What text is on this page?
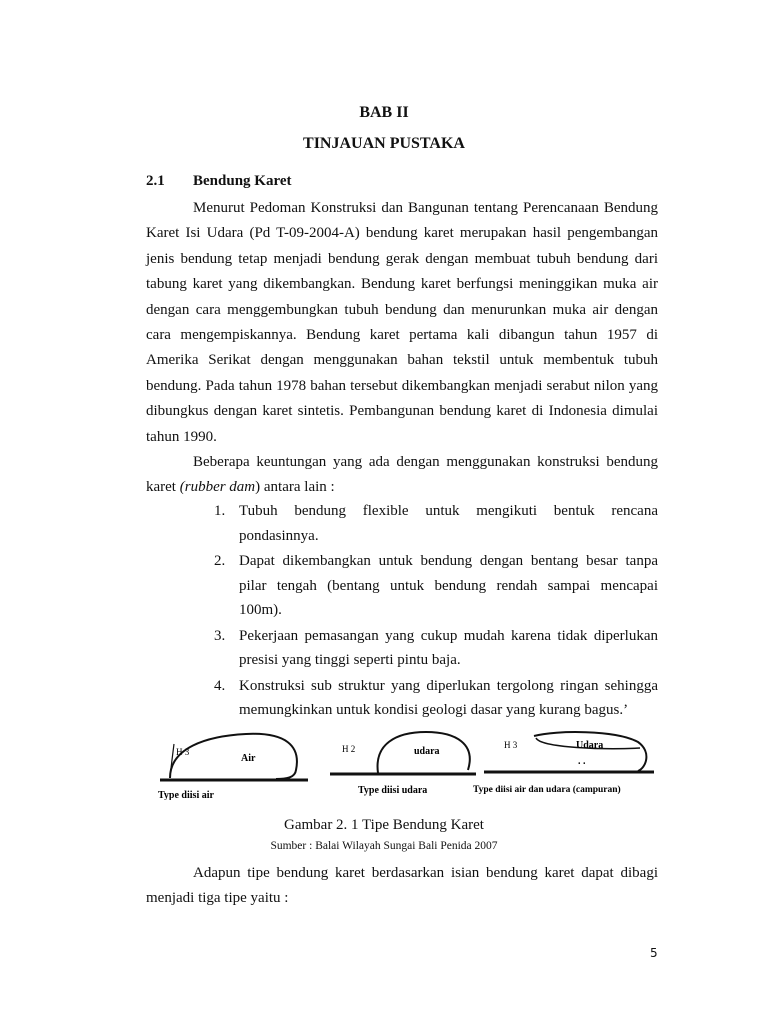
BAB II
TINJAUAN PUSTAKA
2.1 Bendung Karet

Menurut Pedoman Konstruksi dan Bangunan tentang Perencanaan Bendung Karet Isi Udara (Pd T-09-2004-A) bendung karet merupakan hasil pengembangan jenis bendung tetap menjadi bendung gerak dengan membuat tubuh bendung dari tabung karet yang dikembangkan. Bendung karet berfungsi meninggikan muka air dengan cara menggembungkan tubuh bendung dan menurunkan muka air dengan cara mengempiskannya. Bendung karet pertama kali dibangun tahun 1957 di Amerika Serikat dengan menggunakan bahan tekstil untuk membentuk tubuh bendung. Pada tahun 1978 bahan tersebut dikembangkan menjadi serabut nilon yang dibungkus dengan karet sintetis. Pembangunan bendung karet di Indonesia dimulai tahun 1990.

Beberapa keuntungan yang ada dengan menggunakan konstruksi bendung karet (rubber dam) antara lain :

1. Tubuh bendung flexible untuk mengikuti bentuk rencana pondasinnya.
2. Dapat dikembangkan untuk bendung dengan bentang besar tanpa pilar tengah (bentang untuk bendung rendah sampai mencapai 100m).
3. Pekerjaan pemasangan yang cukup mudah karena tidak diperlukan presisi yang tinggi seperti pintu baja.
4. Konstruksi sub struktur yang diperlukan tergolong ringan sehingga memungkinkan untuk kondisi geologi dasar yang kurang bagus.’
H 3
Air
Type diisi air
H 2	udara
Type diisi udara
H 3	Udara
. .
Type diisi air dan udara (campuran)
Gambar 2. 1 Tipe Bendung Karet
Sumber : Balai Wilayah Sungai Bali Penida 2007

Adapun tipe bendung karet berdasarkan isian bendung karet dapat dibagi menjadi tiga tipe yaitu :

5
